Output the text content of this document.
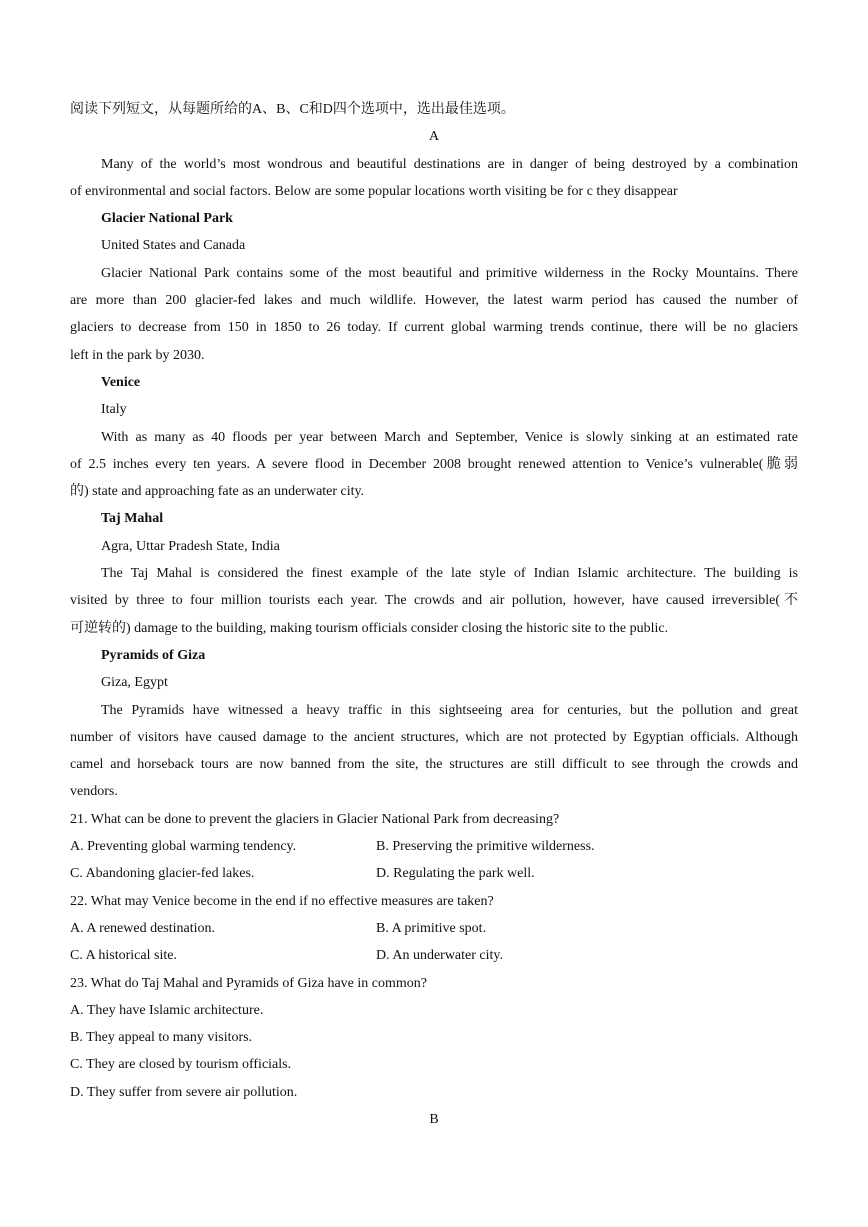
阅读下列短文，从每题所给的A、B、C和D四个选项中，选出最佳选项。
A
Many of the world’s most wondrous and beautiful destinations are in danger of being destroyed by a combination
of environmental and social factors. Below are some popular locations worth visiting be for c they disappear
Glacier National Park
United States and Canada
Glacier National Park contains some of the most beautiful and primitive wilderness in the Rocky Mountains. There
are more than 200 glacier-fed lakes and much wildlife. However, the latest warm period has caused the number of
glaciers to decrease from 150 in 1850 to 26 today. If current global warming trends continue, there will be no glaciers
left in the park by 2030.
Venice
Italy
With as many as 40 floods per year between March and September, Venice is slowly sinking at an estimated rate
of 2.5 inches every ten years. A severe flood in December 2008 brought renewed attention to Venice’s vulnerable(脆弱
的) state and approaching fate as an underwater city.
Taj Mahal
Agra, Uttar Pradesh State, India
The Taj Mahal is considered the finest example of the late style of Indian Islamic architecture. The building is
visited by three to four million tourists each year. The crowds and air pollution, however, have caused irreversible(不
可逆转的) damage to the building, making tourism officials consider closing the historic site to the public.
Pyramids of Giza
Giza, Egypt
The Pyramids have witnessed a heavy traffic in this sightseeing area for centuries, but the pollution and great
number of visitors have caused damage to the ancient structures, which are not protected by Egyptian officials. Although
camel and horseback tours are now banned from the site, the structures are still difficult to see through the crowds and
vendors.
21. What can be done to prevent the glaciers in Glacier National Park from decreasing?
A. Preventing global warming tendency.	B. Preserving the primitive wilderness.
C. Abandoning glacier-fed lakes.	D. Regulating the park well.
22. What may Venice become in the end if no effective measures are taken?
A. A renewed destination.	B. A primitive spot.
C. A historical site.	D. An underwater city.
23. What do Taj Mahal and Pyramids of Giza have in common?
A. They have Islamic architecture.
B. They appeal to many visitors.
C. They are closed by tourism officials.
D. They suffer from severe air pollution.
B
